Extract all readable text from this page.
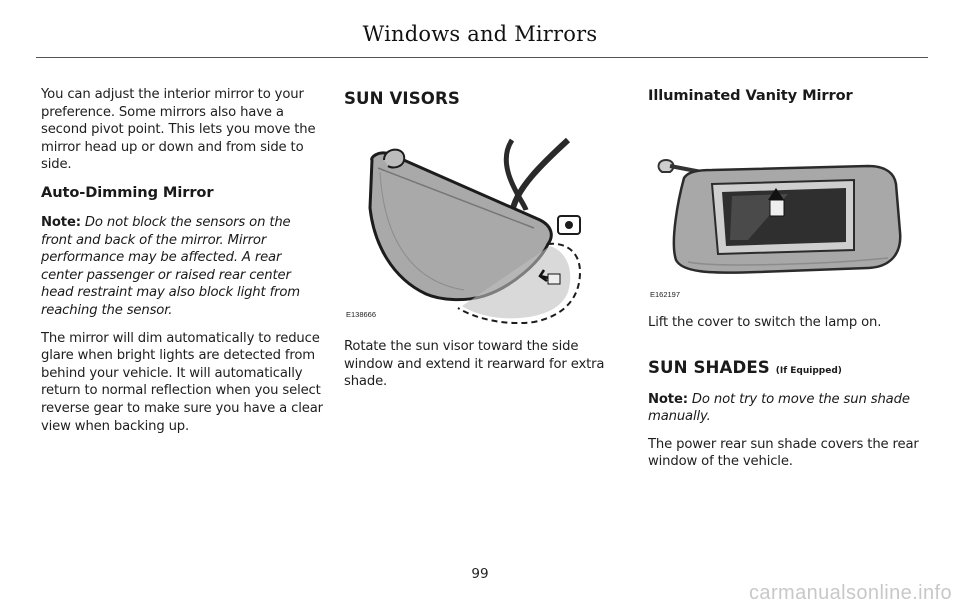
Windows and Mirrors

You can adjust the interior mirror to your preference. Some mirrors also have a second pivot point. This lets you move the mirror head up or down and from side to side.

Auto-Dimming Mirror

Note: Do not block the sensors on the front and back of the mirror. Mirror performance may be affected. A rear center passenger or raised rear center head restraint may also block light from reaching the sensor.

The mirror will dim automatically to reduce glare when bright lights are detected from behind your vehicle. It will automatically return to normal reflection when you select reverse gear to make sure you have a clear view when backing up.

SUN VISORS
E138666

Rotate the sun visor toward the side window and extend it rearward for extra shade.

Illuminated Vanity Mirror
E162197

Lift the cover to switch the lamp on.

SUN SHADES (If Equipped)

Note: Do not try to move the sun shade manually.

The power rear sun shade covers the rear window of the vehicle.

99
carmanualsonline.info
